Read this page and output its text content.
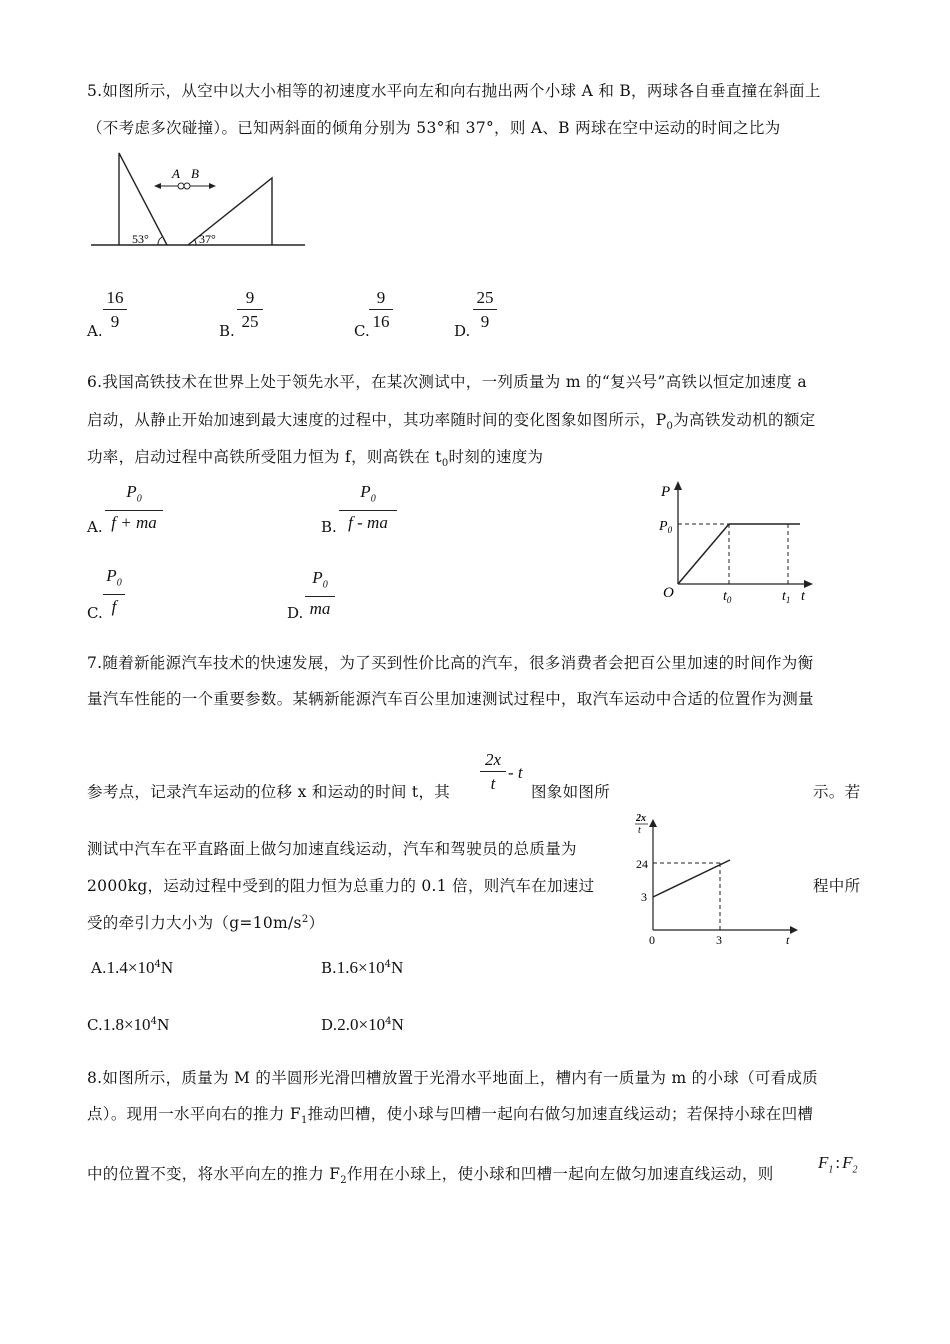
5.如图所示，从空中以大小相等的初速度水平向左和向右抛出两个小球 A 和 B，两球各自垂直撞在斜面上
（不考虑多次碰撞）。已知两斜面的倾角分别为 53°和 37°，则 A、B 两球在空中运动的时间之比为
53°	37°
A B
A.
16
9	B.
9
25	C.
9
16	D.
25
9
6.我国高铁技术在世界上处于领先水平，在某次测试中，一列质量为 m 的“复兴号”高铁以恒定加速度 a
启动，从静止开始加速到最大速度的过程中，其功率随时间的变化图象如图所示，$P_0$为高铁发动机的额定
功率，启动过程中高铁所受阻力恒为 f，则高铁在 $t_0$时刻的速度为
A.
$P_0$
f + ma	B.
$P_0$
f - ma
C.
$P_0$
f	D.
$P_0$
ma
P
$P_0$
O	$t_0$	$t_1$ t
7.随着新能源汽车技术的快速发展，为了买到性价比高的汽车，很多消费者会把百公里加速的时间作为衡
量汽车性能的一个重要参数。某辆新能源汽车百公里加速测试过程中，取汽车运动中合适的位置作为测量
参考点，记录汽车运动的位移 x 和运动的时间 t，其
2x
t
- t
图象如图所	示。若
测试中汽车在平直路面上做匀加速直线运动，汽车和驾驶员的总质量为
2000kg，运动过程中受到的阻力恒为总重力的 0.1 倍，则汽车在加速过	程中所
受的牵引力大小为$(g=10m/s^2)$
2x
t
24
3
0	3	t
$A.1.4\times 10^4N$	$B.1.6\times 10^4N$
$C.1.8\times 10^4N$	$D.2.0\times 10^4N$
8.如图所示，质量为 M 的半圆形光滑凹槽放置于光滑水平地面上，槽内有一质量为 m 的小球（可看成质
点）。现用一水平向右的推力 $F_1$推动凹槽，使小球与凹槽一起向右做匀加速直线运动；若保持小球在凹槽
中的位置不变，将水平向左的推力 $F_2$作用在小球上，使小球和凹槽一起向左做匀加速直线运动，则
$F_1$ : $F_2$
